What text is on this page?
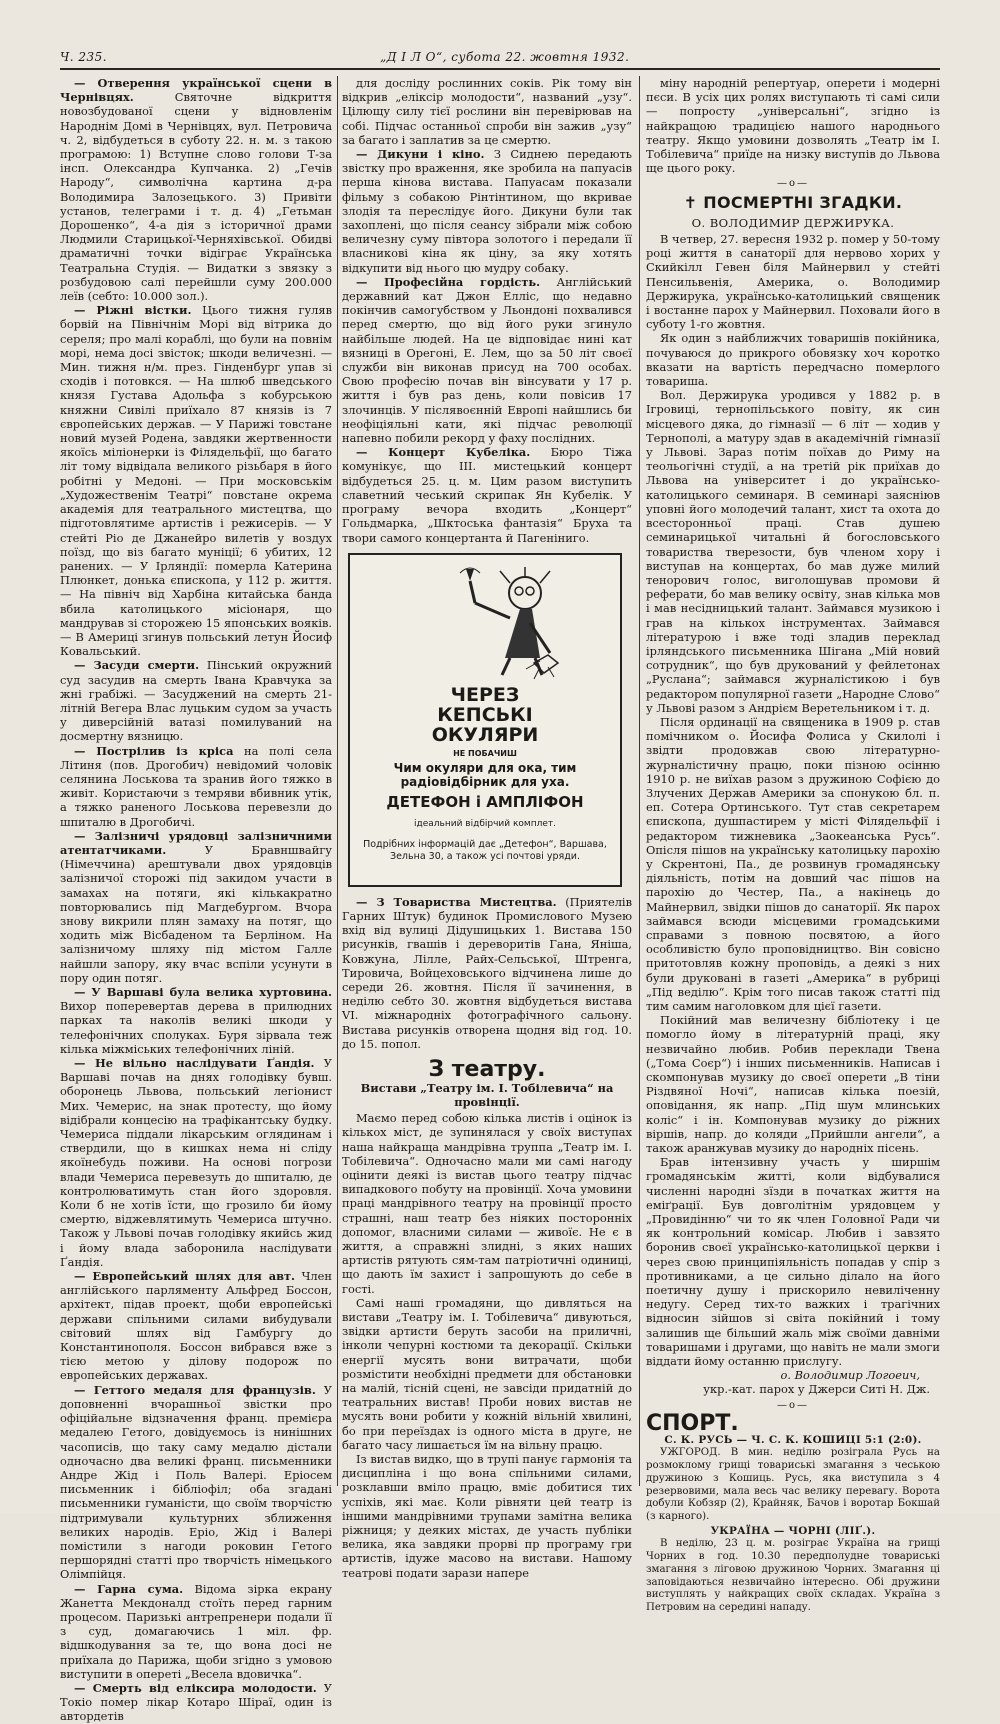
Ч. 235.	„Д І Л О“, субота 22. жовтня 1932.

— Отверення української сцени в Чернівцях. Святочне відкриття новозбудованої сцени у відновленім Народнім Домі в Чернівцях, вул. Петровича ч. 2, відбудеться в суботу 22. н. м. з такою програмою: 1) Вступне слово голови Т-за інсп. Олександра Купчанка. 2) „Гечів Народу“, символічна картина д-ра Володимира Залозецького. 3) Привіти установ, телеграми і т. д. 4) „Гетьман Дорошенко“, 4-а дія з історичної драми Людмили Старицької-Черняхівської. Обидві драматичні точки відіграє Українська Театральна Студія. — Видатки з звязку з розбудовою салі перейшли суму 200.000 леїв (себто: 10.000 зол.).

— Ріжні вістки. Цього тижня гуляв борвій на Північнім Морі від вітрика до сереля; про малі кораблі, що були на повнім морі, нема досі звісток; шкоди величезні. — Мин. тижня н/м. през. Гінденбург упав зі сходів і потовкся. — На шлюб шведського князя Густава Адольфа з кобурською княжни Сивілі приїхало 87 князів із 7 європейських держав. — У Парижі товстане новий музей Родена, завдяки жертвенности якоїсь міліонерки із Філядельфії, що багато літ тому відвідала великого різьбаря в його робітні у Медоні. — При московськім „Художественім Театрі“ повстане окрема академія для театрального мистецтва, що підготовлятиме артистів і режисерів. — У стейті Ріо де Джанейро вилетів у воздух поїзд, що віз багато муніції; 6 убитих, 12 ранених. — У Ірляндії: померла Катерина Плюнкет, донька єпископа, у 112 р. життя. — На північ від Харбіна китайська банда вбила католицького місіонаря, що мандрував зі сторожею 15 японських вояків. — В Америці згинув польський летун Йосиф Ковальський.

— Засуди смерти. Пінський окружний суд засудив на смерть Івана Кравчука за жні грабіжі. — Засуджений на смерть 21-літній Вегера Влас луцьким судом за участь у диверсійній ватазі помилуваний на досмертну вязницю.

— Пострілив із кріса на полі села Літиня (пов. Дрогобич) невідомий чоловік селянина Лоськова та зранив його тяжко в живіт. Користаючи з темряви вбивник утік, а тяжко раненого Лоськова перевезли до шпиталю в Дрогобичі.

— Залізничі урядовці залізничними атентатчиками. У Бравншвайгу (Німеччина) арештували двох урядовців залізничої сторожі під закидом участи в замахах на потяги, які кількакратно повторювались під Магдебургом. Вчора знову викрили плян замаху на потяг, що ходить між Вісбаденом та Берліном. На залізничому шляху під містом Галле найшли запору, яку вчас вспіли усунути в пору один потяг.

— У Варшаві була велика хуртовина. Вихор поперевертав дерева в прилюдних парках та наколів великі шкоди у телефонічних сполуках. Буря зірвала теж кілька міжміських телефонічних ліній.

— Не вільно наслідувати Ґандія. У Варшаві почав на днях голодівку бувш. оборонець Львова, польський легіонист Мих. Чемерис, на знак протесту, що йому відібрали концесію на трафікантську будку. Чемериса піддали лікарським оглядинам і ствердили, що в кишках нема ні сліду якоїнебудь поживи. На основі погрози влади Чемериса перевезуть до шпиталю, де контролюватимуть стан його здоровля. Коли б не хотів їсти, що грозило би йому смертю, віджевлятимуть Чемериса штучно. Також у Львові почав голодівку якийсь жид і йому влада заборонила наслідувати Ґандія.

— Европейський шлях для авт. Член англійського парляменту Альфред Боссон, архітект, підав проект, щоби европейські держави спільними силами вибудували світовий шлях від Гамбургу до Константинополя. Боссон вибрався вже з тією метою у ділову подорож по европейських державах.

— Геттого медаля для французів. У доповненні вчорашньої звістки про офіційальне відзначення франц. премієра медалею Гетого, довідуємось із нинішних часописів, що таку саму медалю дістали одночасно два великі франц. письменники Андре Жід і Поль Валері. Еріосем письменник і бібліофіл; оба згадані письменники гуманісти, що своїм творчістю підтримували культурних зближення великих народів. Еріо, Жід і Валері помістили з нагоди роковин Гетого першорядні статті про творчість німецького Олімпійця.

— Гарна сума. Відома зірка екрану Жанетта Мекдоналд стоїть перед гарним процесом. Паризькі антрепренери подали її з суд, домагаючись 1 міл. фр. відшкодування за те, що вона досі не приїхала до Парижа, щоби згідно з умовою виступити в опереті „Весела вдовичка“.

— Смерть від еліксира молодости. У Токіо помер лікар Котаро Шіраї, один із автордетів

для досліду рослинних соків. Рік тому він відкрив „еліксір молодости“, названий „узу“. Цілющу силу тієї рослини він перевірював на собі. Підчас останньої спроби він зажив „узу“ за багато і заплатив за це смертю.

— Дикуни і кіно. З Сиднею передають звістку про враження, яке зробила на папуасів перша кінова вистава. Папуасам показали фільму з собакою Рінтінтином, що вкривае злодія та переслідує його. Дикуни були так захоплені, що після сеансу зібрали між собою величезну суму півтора золотого і передали її власникові кіна як ціну, за яку хотять відкупити від нього цю мудру собаку.

— Професійна гордість. Англійський державний кат Джон Елліс, що недавно покінчив самогубством у Льондоні похвалився перед смертю, що від його руки згинуло найбільше людей. На це відповідає нині кат вязниці в Орегоні, Е. Лем, що за 50 літ своєї служби він виконав присуд на 700 особах. Свою професію почав він вінсувати у 17 р. життя і був раз день, коли повісив 17 злочинців. У післявоєнній Европі найшлись би неофіціяльні кати, які підчас революції напевно побили рекорд у фаху послідних.

— Концерт Кубеліка. Бюро Тіжа комунікує, що ІІІ. мистецький концерт відбудеться 25. ц. м. Цим разом виступить славетний чеський скрипак Ян Кубелік. У програму вечора входить „Концерт“ Гольдмарка, „Шктоська фантазія“ Бруха та твори самого концертанта й Пагеніниго.

ЧЕРЕЗ
КЕПСЬКІ
ОКУЛЯРИ
НЕ ПОБАЧИШ
Чим окуляри для ока, тим радіовідбірник для уха.
ДЕТЕФОН і АМПЛІФОН
ідеальний відбірчий комплет.
Подрібних інформацій дає „Детефон“, Варшава, Зельна 30, а також усі почтові уряди.

— З Товариства Мистецтва. (Приятелів Гарних Штук) будинок Промислового Музею вхід від вулиці Дідушицьких 1. Виставa 150 рисунків, гвашів і дереворитів Гана, Яніша, Ковжуна, Лілле, Райх-Сельської, Штренга, Тировича, Войцеховського відчинена лише до середи 26. жовтня. Після її зачинення, в неділю себто 30. жовтня відбудеться вистава VI. міжнародніх фотографічного сальону. Виставa рисунків отворена щодня від год. 10. до 15. попол.

З театру.
Вистави „Театру ім. І. Тобілевича“ на провінції.

Маємо перед собою кілька листів і оцінок із кількох міст, де зупинялася у своїх виступах наша найкраща мандрівна труппа „Театр ім. І. Тобілевича“. Одночасно мали ми самі нагоду оцінити деякі із вистав цього театру підчас випадкового побуту на провінції. Хоча умовини праці мандрівного театру на провінції просто страшні, наш театр без ніяких посторонніх допомог, власними силами — живоїє. Не є в життя, а справжні злидні, з яких наших артистів рятують сям-там патріотичні одиниці, що дають їм захист і запрошують до себе в гості.

Самі наші громадяни, що дивляться на вистави „Театру ім. І. Тобілевича“ дивуються, звідки артисти беруть засоби на приличні, інколи чепурні костюми та декорації. Скільки енергії мусять вони витрачати, щоби розмістити необхідні предмети для обстановки на малій, тісній сцені, не завсіди придатній до театральних вистав! Проби нових вистав не мусять вони робити у кожній вільній хвилині, бо при переїздах із одного міста в друге, не багато часу лишається їм на вільну працю.

Із вистав видко, що в трупі панує гармонія та дисципліна і що вона спільними силами, розклавши вміло працю, вміє добитися тих успіхів, які має. Коли рівняти цей театр із іншими мандрівними трупами замітна велика ріжниця; у деяких містах, де участь публіки великa, яка завдяки прорві пр програму гри артистів, ідуже масово на вистави. Нашому театрові подати зарази напере

міну народній репертуар, оперети і модерні пєси. В усіх цих ролях виступають ті самі сили — попросту „універсальні“, згідно із найкращою традицією нашого народнього театру. Якщо умовини дозволять „Театр ім І. Тобілевича“ приїде на низку виступів до Львова ще цього року.

—o—
✝ ПОСМЕРТНІ ЗГАДКИ.
О. ВОЛОДИМИР ДЕРЖИРУКА.

В четвер, 27. вересня 1932 р. помер у 50-тому році життя в санаторії для нервово хорих у Скийкілл Гевен біля Майнервил у стейті Пенсильвенія, Америка, о. Володимир Держирука, українсько-католицький священик і востанне парох у Майнервил. Поховали його в суботу 1-го жовтня.

Як один з найближчих товаришів покійника, почуваюся до прикрого обовязку хоч коротко вказати на вартість передчасно померлого товариша.

Вол. Держирука уродився у 1882 р. в Ігровиці, тернопільського повіту, як син місцевого дяка, до гімназії — 6 літ — ходив у Тернополі, а матуру здав в академічній гімназії у Львові. Зараз потім поїхав до Риму на теольогічні студії, а на третій рік приїхав до Львова на університет і до українсько-католицького семинаря. В семинарі заясніюв уповні його молодечий талант, хист та охота до всесторонньої праці. Став душею семинарицької читальні й богословського товариства тверезости, був членом хору і виступав на концертах, бо мав дуже милий тенорович голос, виголошував промови й реферати, бо мав велику освіту, знав кілька мов і мав несідницький талант. Займався музикою і грав на кількох інструментах. Займався літературою і вже тоді зладив переклад ірляндського письменника Шігана „Мій новий сотрудник“, що був друкований у фейлетонах „Руслана“; займався журналістикою і був редактором популярної газети „Народне Слово“ у Львові разом з Андрієм Веретельником і т. д.

Після ординації на священика в 1909 р. став помічником о. Йосифа Фолиса у Скилолі і звідти продовжав свою літературно-журналістичну працю, поки пізною осінню 1910 р. не виїхав разом з дружиною Софією до Злучених Держав Америки за спонукою бл. п. еп. Сотера Ортинського. Тут став секретарем єпископа, душпастирем у місті Філядельфії і редактором тижневика „Заокеанська Русь“. Опісля пішов на українську католицьку парохію у Скрентоні, Па., де розвинув громадянську діяльність, потім на довший час пішов на парохію до Честер, Па., а накінець до Майнервил, звідки пішов до санаторії. Як парох займався всюди місцевими громадськими справами з повною посвятою, а його особливістю було проповідництво. Він совісно притотовляв кожну проповідь, а деякі з них були друковані в газеті „Америка“ в рубриці „Під веділю“. Крім того писав також статті під тим самим наголовком для цієї газети.

Покійний мав величезну бібліотеку і це помогло йому в літературній праці, яку незвичайно любив. Робив переклади Твена („Тома Соєр“) і інших письменників. Написав і скомпонував музику до своєї оперети „В тіни Різдвяної Ночі“, написав кілька поезій, оповідання, як напр. „Під шум млинських коліс“ і ін. Компонував музику до ріжних віршів, напр. до коляди „Прийшли ангели“, а також аранжував музику до народніх пісень.

Брав інтензивну участь у ширшім громадянськім житті, коли відбувалися численні народні зїзди в початках життя на еміґрації. Був довголітнім урядовцем у „Провидінню“ чи то як член Головної Ради чи як контрольний комісар. Любив і завзято боронив своєї українсько-католицької церкви і через свою принципіяльність попадав у спір з противниками, а це сильно ділало на його поетичну душу і прискорило невиліченну недугу. Серед тих-то важких і трагічних відносин зійшов зі світа покійний і тому залишив ще більший жаль між своїми давніми товаришами і другами, що навіть не мали змоги віддати йому останню прислугу.

о. Володимир Логоеич,
укр.-кат. парох у Джерси Ситі Н. Дж.
—o—
СПОРТ.
С. К. РУСЬ — Ч. С. К. КОШИЦІ 5:1 (2:0).

УЖГОРОД. В мин. неділю розіграла Русь на розмоклому грищі товариські змагання з чеською дружиною з Кошиць. Русь, яка виступила з 4 резервовими, мала весь час велику перевагу. Ворота добули Кобзяр (2), Крайняк, Бачов і воротар Бокшай (з карного).

УКРАЇНА — ЧОРНІ (ЛІҐ.).

В неділю, 23 ц. м. розіграє Україна на грищі Чорних в год. 10.30 передполудне товариські змагання з ліговою дружиною Чорних. Змагання ці заповідаються незвичайно інтересно. Обі дружини виступлять у найкращих своїх складах. Україна з Петровим на середині нападу.
